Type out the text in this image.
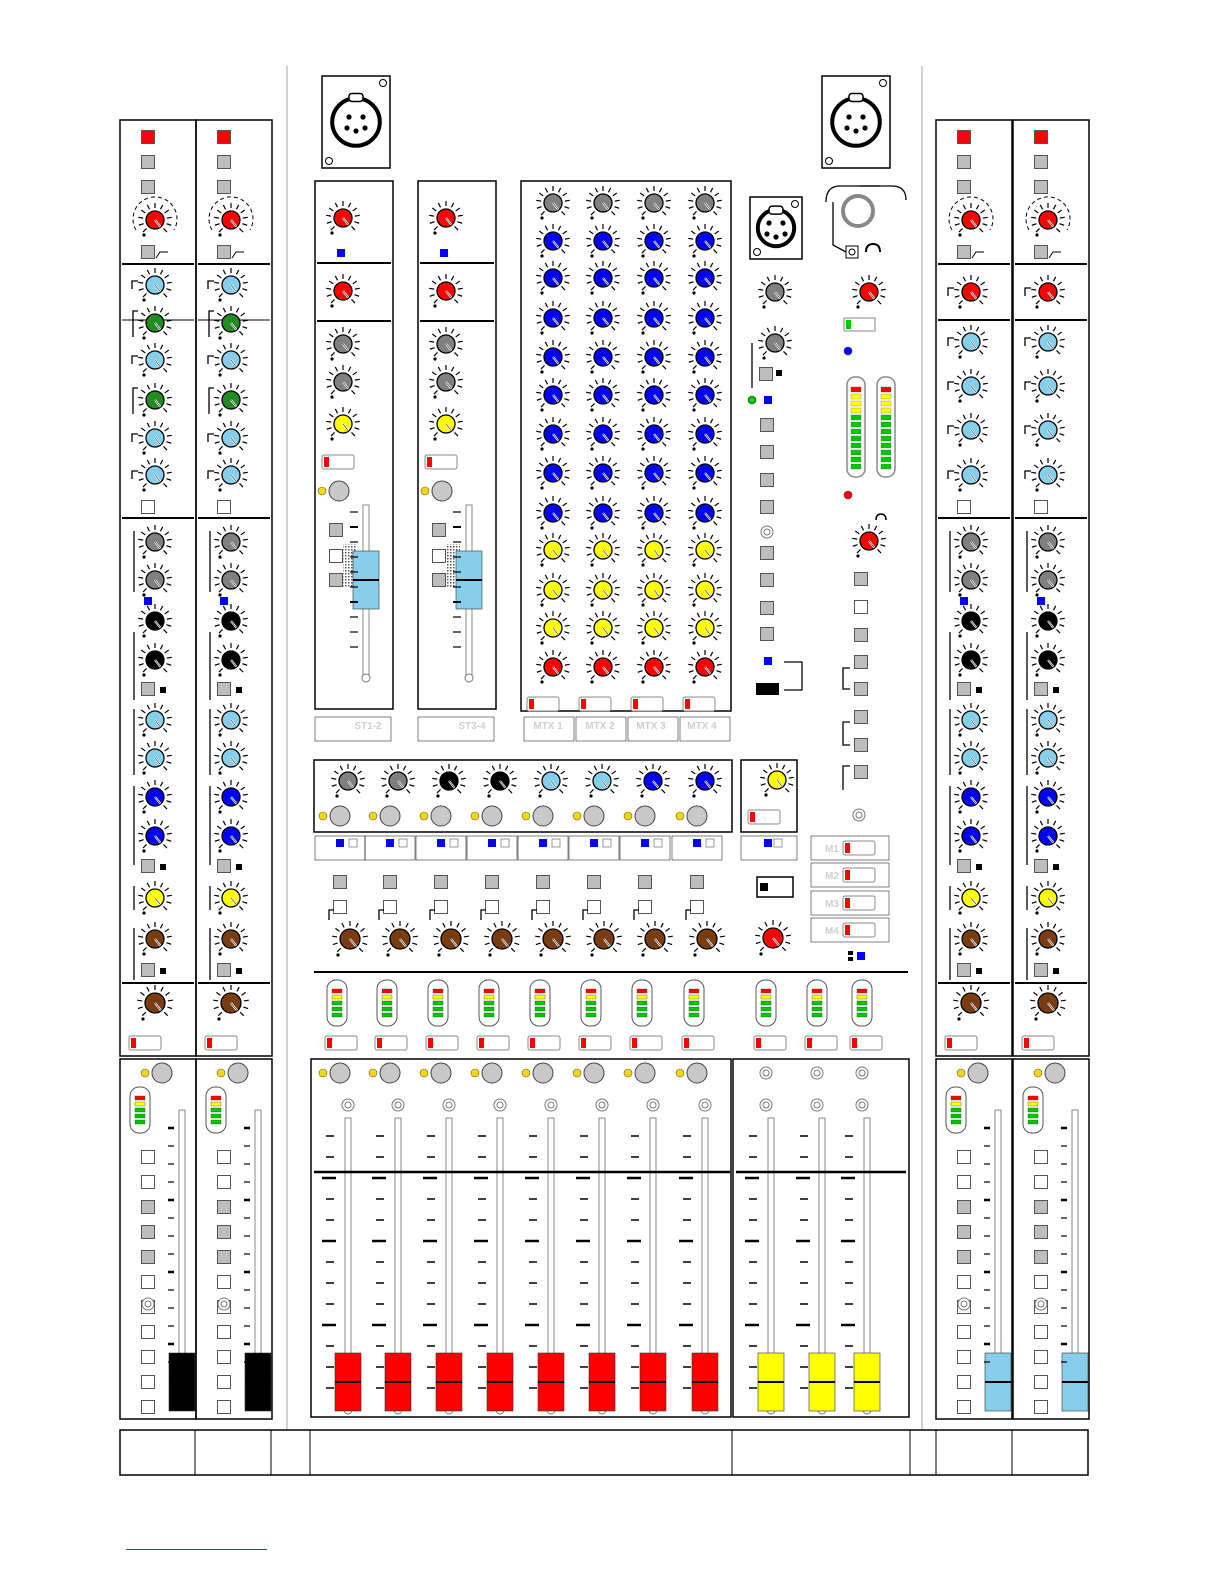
ST1-2	ST3-4	MTX 1 MTX 2 MTX 3 MTX 4
M1
M2
M3
M4
